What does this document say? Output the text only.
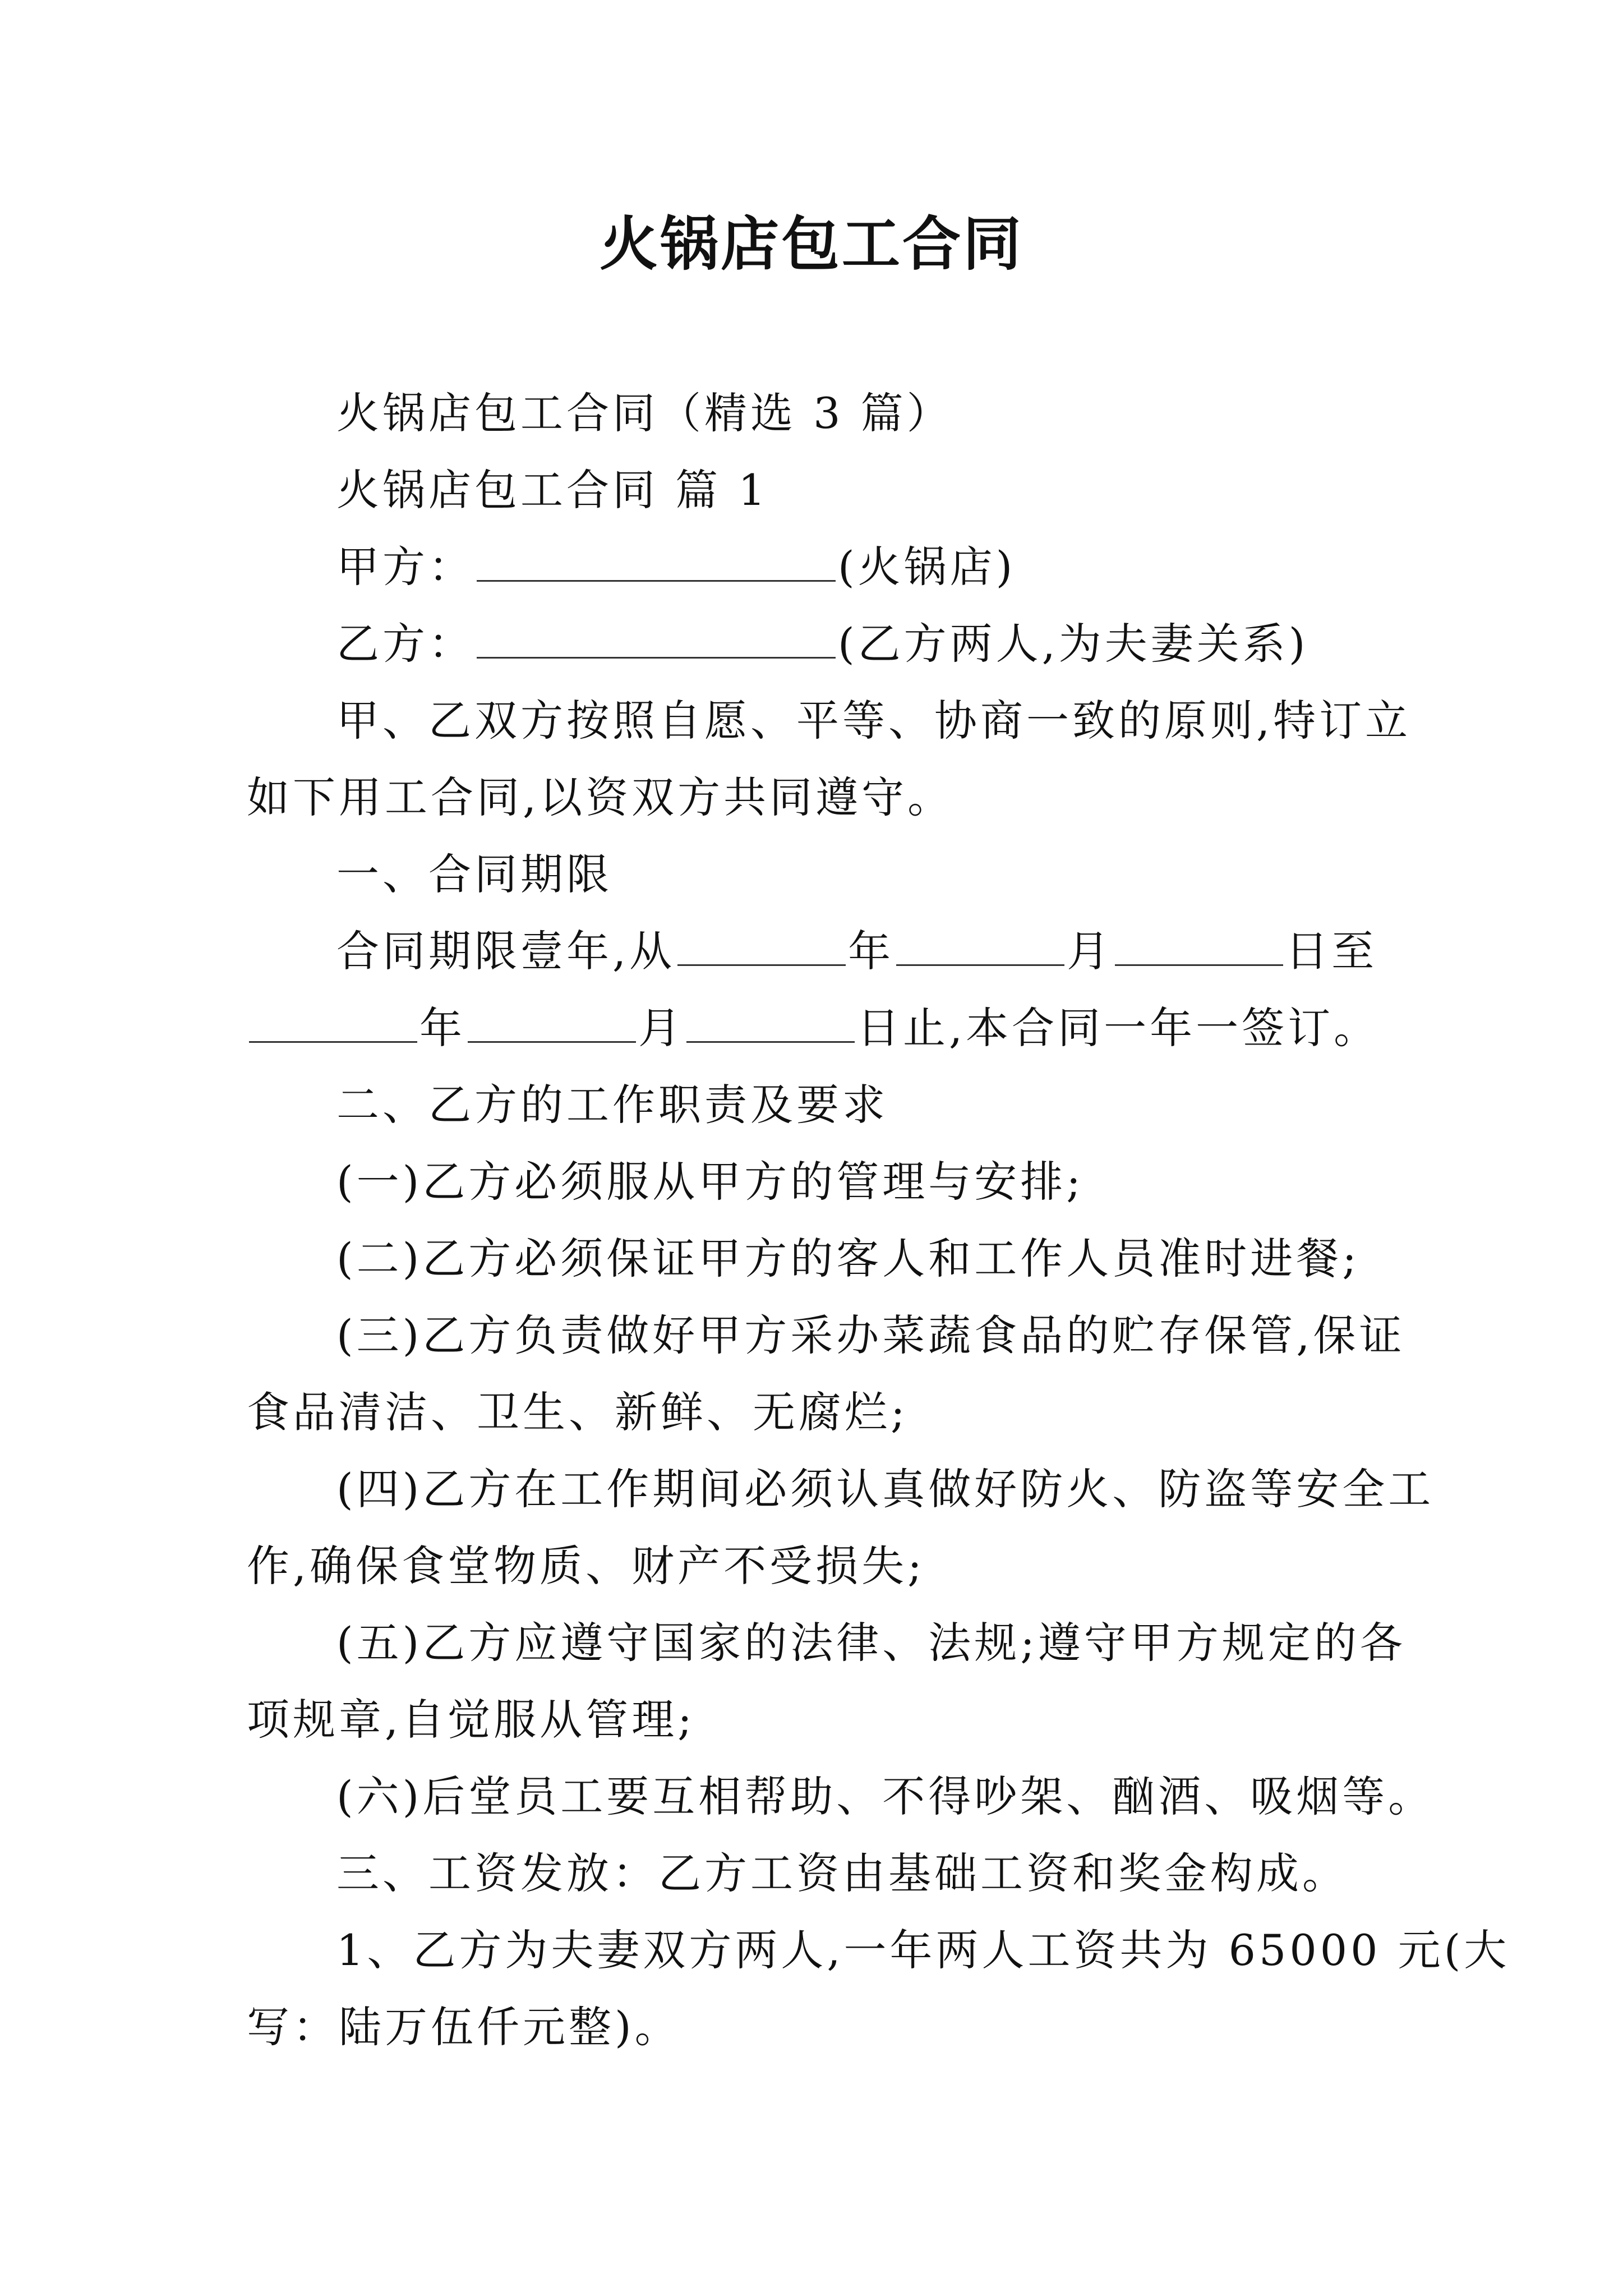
火锅店包工合同

火锅店包工合同（精选 3 篇）

火锅店包工合同 篇 1

甲方：	(火锅店)

乙方：	(乙方两人,为夫妻关系)

甲、乙双方按照自愿、平等、协商一致的原则,特订立

如下用工合同,以资双方共同遵守。

一、合同期限

合同期限壹年,从	年	月	日至

年	月	日止,本合同一年一签订。

二、乙方的工作职责及要求

(一)乙方必须服从甲方的管理与安排;

(二)乙方必须保证甲方的客人和工作人员准时进餐;

(三)乙方负责做好甲方采办菜蔬食品的贮存保管,保证

食品清洁、卫生、新鲜、无腐烂;

(四)乙方在工作期间必须认真做好防火、防盗等安全工

作,确保食堂物质、财产不受损失;

(五)乙方应遵守国家的法律、法规;遵守甲方规定的各

项规章,自觉服从管理;

(六)后堂员工要互相帮助、不得吵架、酗酒、吸烟等。

三、工资发放：乙方工资由基础工资和奖金构成。

1、乙方为夫妻双方两人,一年两人工资共为 65000 元(大

写：陆万伍仟元整)。
